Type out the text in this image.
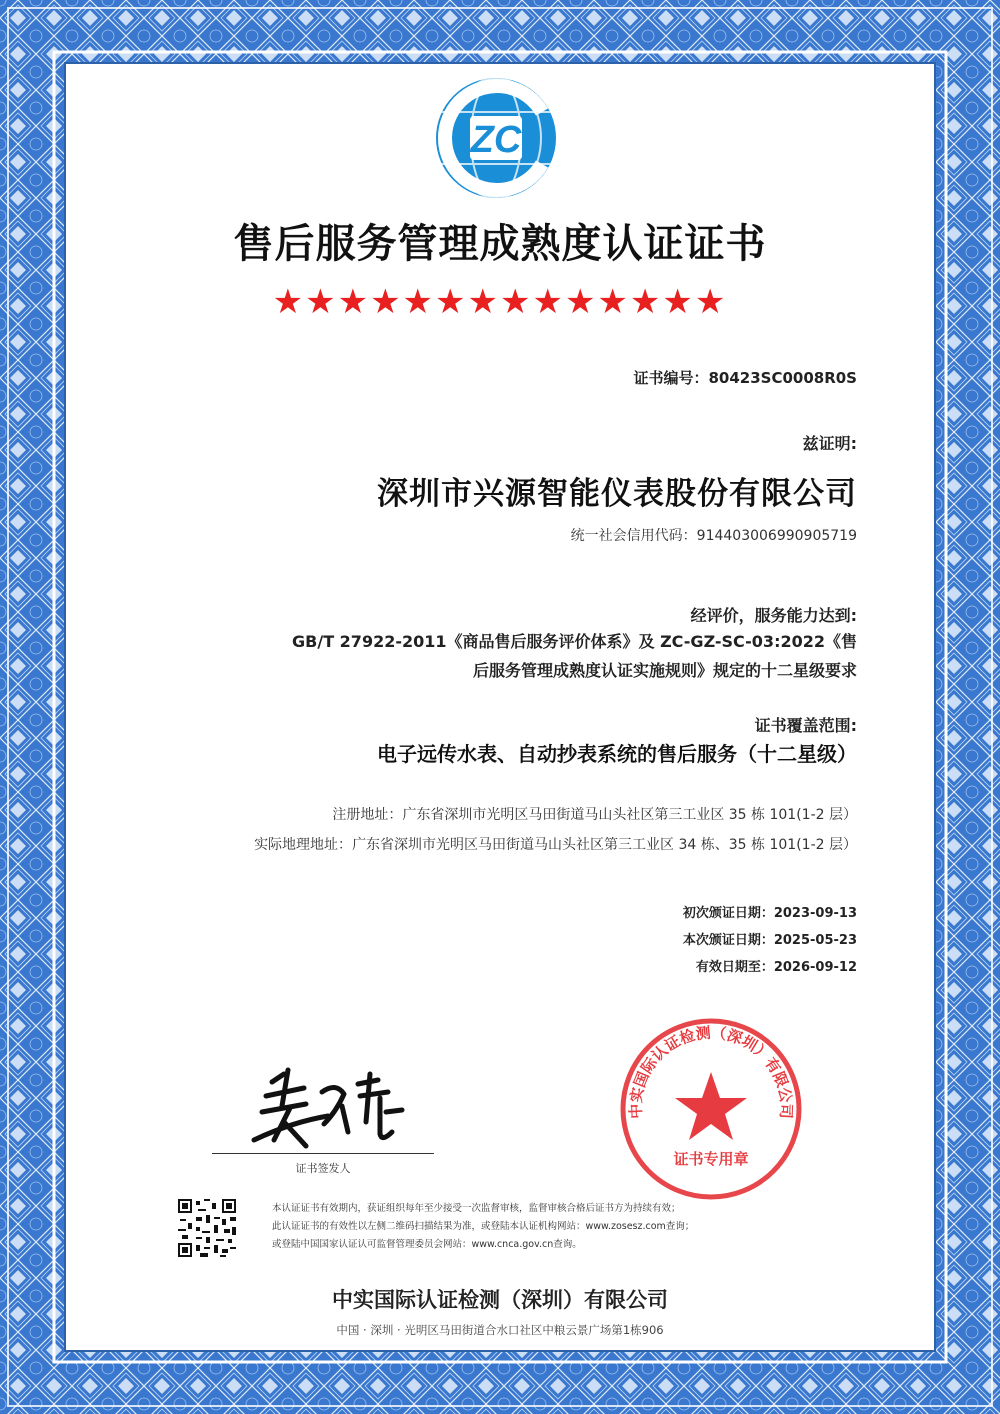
ZC
售后服务管理成熟度认证证书
★★★★★★★★★★★★★★
证书编号：80423SC0008R0S
兹证明:
深圳市兴源智能仪表股份有限公司
统一社会信用代码：914403006990905719
经评价，服务能力达到:
GB/T 27922-2011《商品售后服务评价体系》及 ZC-GZ-SC-03:2022《售
后服务管理成熟度认证实施规则》规定的十二星级要求
证书覆盖范围:
电子远传水表、自动抄表系统的售后服务（十二星级）
注册地址：广东省深圳市光明区马田街道马山头社区第三工业区 35 栋 101(1-2 层）
实际地理地址：广东省深圳市光明区马田街道马山头社区第三工业区 34 栋、35 栋 101(1-2 层）
初次颁证日期：2023-09-13
本次颁证日期：2025-05-23
有效日期至：2026-09-12
证书签发人
中实国际认证检测（深圳）有限公司
证书专用章
本认证证书有效期内，获证组织每年至少接受一次监督审核，监督审核合格后证书方为持续有效；
此认证证书的有效性以左侧二维码扫描结果为准，或登陆本认证机构网站：www.zosesz.com查询；
或登陆中国国家认证认可监督管理委员会网站：www.cnca.gov.cn查询。
中实国际认证检测（深圳）有限公司
中国 · 深圳 · 光明区马田街道合水口社区中粮云景广场第1栋906
